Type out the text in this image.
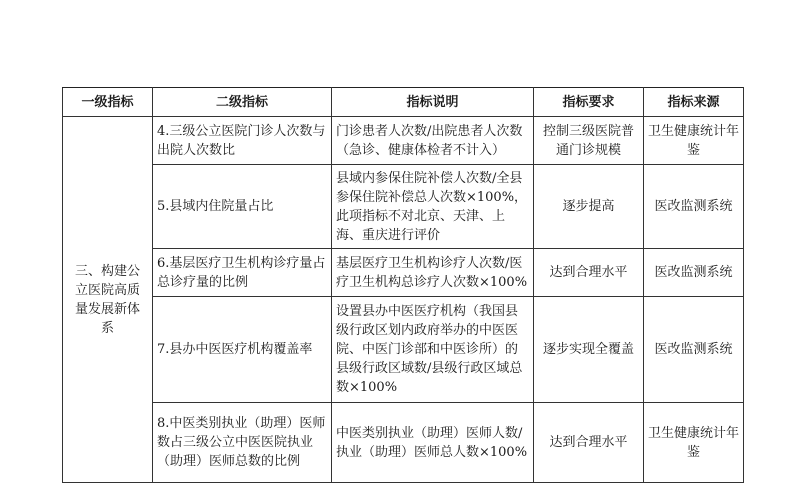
一级指标	二级指标	指标说明	指标要求	指标来源
三、构建公立医院高质量发展新体系	4.三级公立医院门诊人次数与出院人次数比	门诊患者人次数/出院患者人次数（急诊、健康体检者不计入）	控制三级医院普通门诊规模	卫生健康统计年鉴
	5.县域内住院量占比	县域内参保住院补偿人次数/全县参保住院补偿总人次数×100%，此项指标不对北京、天津、上海、重庆进行评价	逐步提高	医改监测系统
	6.基层医疗卫生机构诊疗量占总诊疗量的比例	基层医疗卫生机构诊疗人次数/医疗卫生机构总诊疗人次数×100%	达到合理水平	医改监测系统
	7.县办中医医疗机构覆盖率	设置县办中医医疗机构（我国县级行政区划内政府举办的中医医院、中医门诊部和中医诊所）的县级行政区域数/县级行政区域总数×100%	逐步实现全覆盖	医改监测系统
	8.中医类别执业（助理）医师数占三级公立中医医院执业（助理）医师总数的比例	中医类别执业（助理）医师人数/执业（助理）医师总人数×100%	达到合理水平	卫生健康统计年鉴
